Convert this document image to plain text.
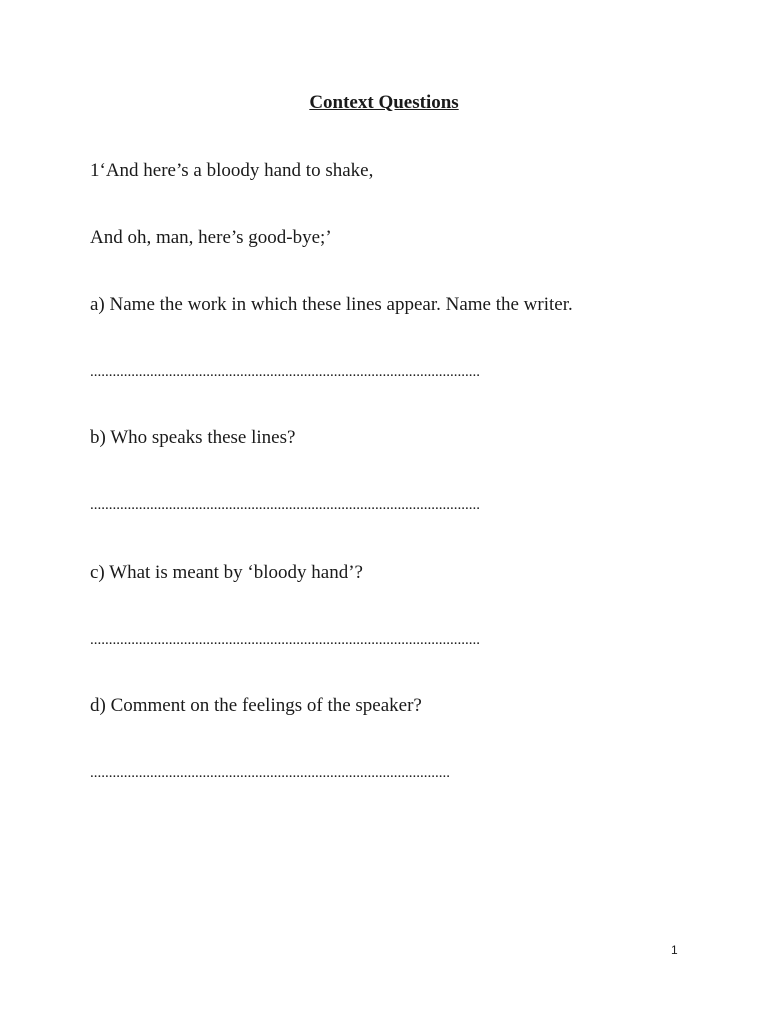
Context Questions

1‘And here’s a bloody hand to shake,

And oh, man, here’s good-bye;’

a) Name the work in which these lines appear. Name the writer.

........................................................................................................

b) Who speaks these lines?

........................................................................................................

c) What is meant by ‘bloody hand’?

........................................................................................................

d) Comment on the feelings of the speaker?

................................................................................................

1
